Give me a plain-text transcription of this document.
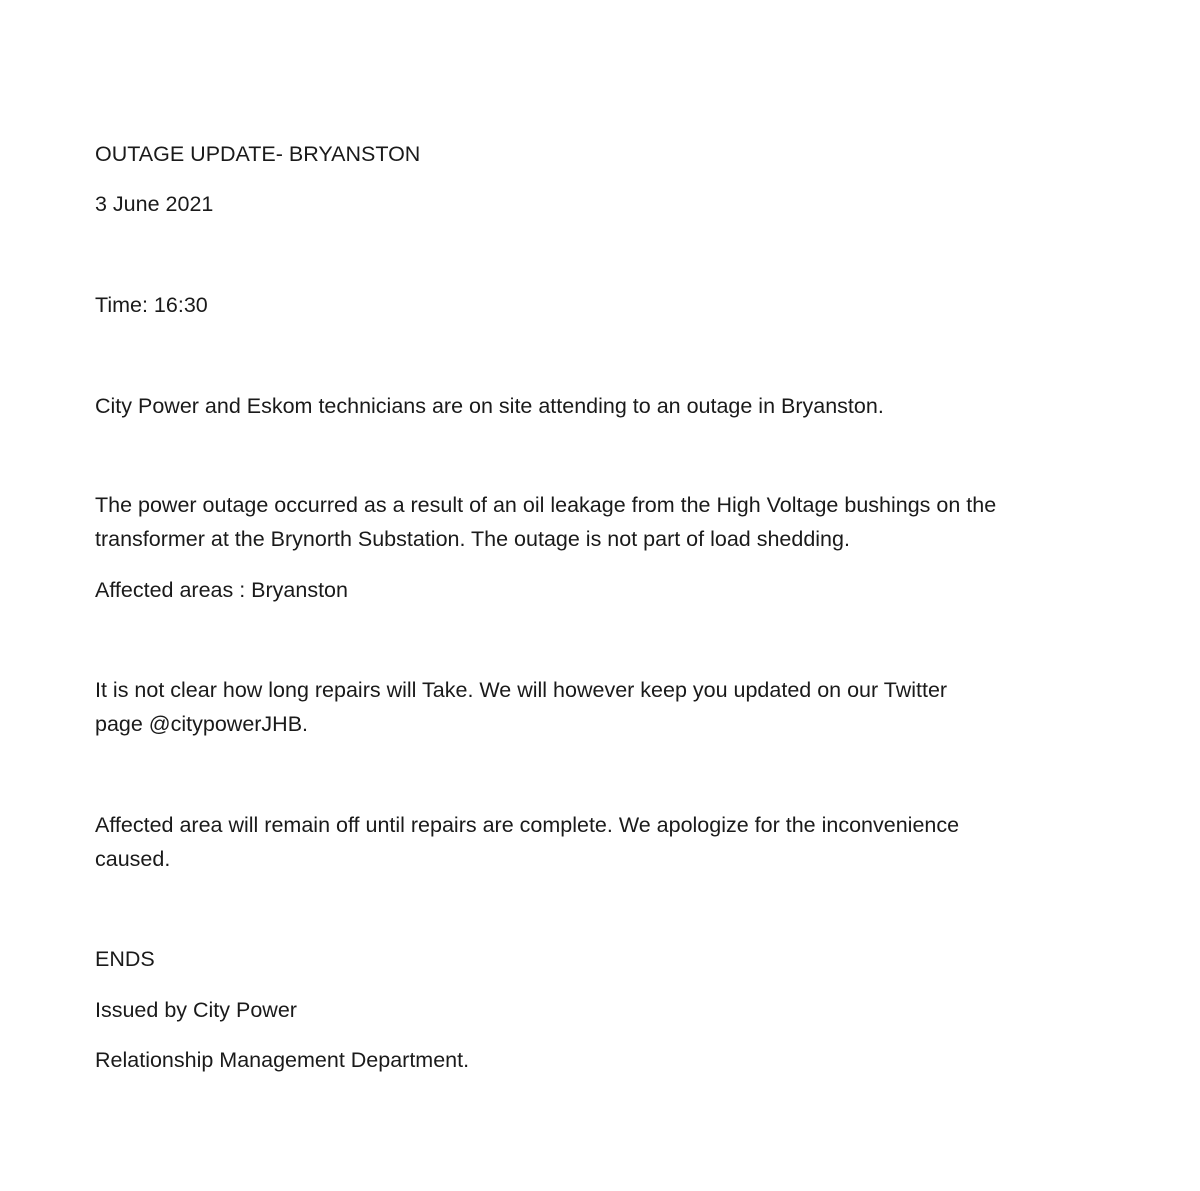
OUTAGE UPDATE- BRYANSTON

3 June 2021

Time: 16:30

City Power and Eskom technicians are on site attending to an outage in Bryanston.

The power outage occurred as a result of an oil leakage from the High Voltage bushings on the
transformer at the Brynorth Substation. The outage is not part of load shedding.

Affected areas : Bryanston

It is not clear how long repairs will Take. We will however keep you updated on our Twitter
page @citypowerJHB.
Affected area will remain off until repairs are complete. We apologize for the inconvenience
caused.

ENDS

Issued by City Power

Relationship Management Department.
